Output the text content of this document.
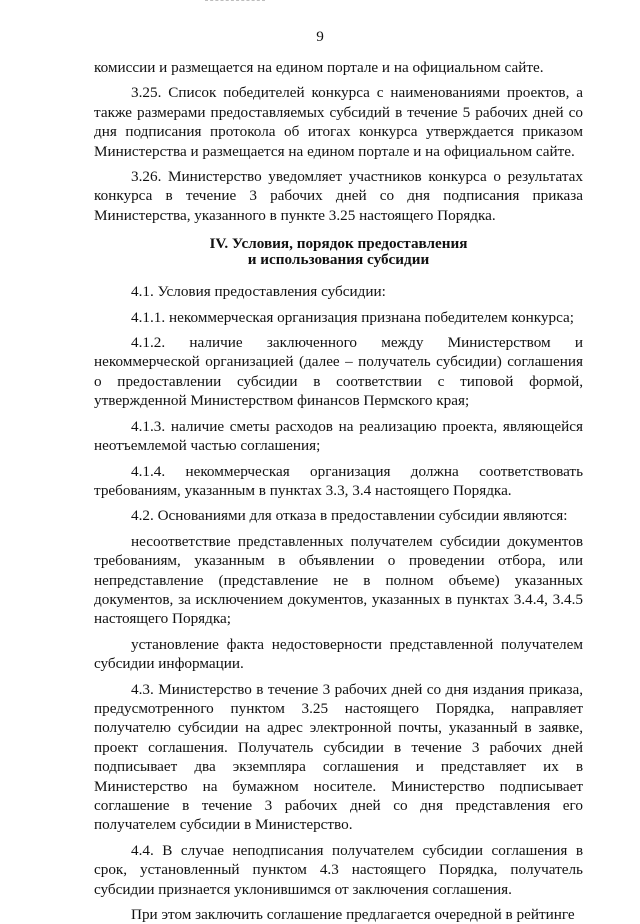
9

комиссии и размещается на едином портале и на официальном сайте.

3.25. Список победителей конкурса с наименованиями проектов, а также размерами предоставляемых субсидий в течение 5 рабочих дней со дня подписания протокола об итогах конкурса утверждается приказом Министерства и размещается на едином портале и на официальном сайте.

3.26. Министерство уведомляет участников конкурса о результатах конкурса в течение 3 рабочих дней со дня подписания приказа Министерства, указанного в пункте 3.25 настоящего Порядка.

IV. Условия, порядок предоставления
и использования субсидии

4.1. Условия предоставления субсидии:

4.1.1. некоммерческая организация признана победителем конкурса;

4.1.2. наличие заключенного между Министерством и некоммерческой организацией (далее – получатель субсидии) соглашения о предоставлении субсидии в соответствии с типовой формой, утвержденной Министерством финансов Пермского края;

4.1.3. наличие сметы расходов на реализацию проекта, являющейся неотъемлемой частью соглашения;

4.1.4. некоммерческая организация должна соответствовать требованиям, указанным в пунктах 3.3, 3.4 настоящего Порядка.

4.2. Основаниями для отказа в предоставлении субсидии являются:

несоответствие представленных получателем субсидии документов требованиям, указанным в объявлении о проведении отбора, или непредставление (представление не в полном объеме) указанных документов, за исключением документов, указанных в пунктах 3.4.4, 3.4.5 настоящего Порядка;

установление факта недостоверности представленной получателем субсидии информации.

4.3. Министерство в течение 3 рабочих дней со дня издания приказа, предусмотренного пунктом 3.25 настоящего Порядка, направляет получателю субсидии на адрес электронной почты, указанный в заявке, проект соглашения. Получатель субсидии в течение 3 рабочих дней подписывает два экземпляра соглашения и представляет их в Министерство на бумажном носителе. Министерство подписывает соглашение в течение 3 рабочих дней со дня представления его получателем субсидии в Министерство.

4.4. В случае неподписания получателем субсидии соглашения в срок, установленный пунктом 4.3 настоящего Порядка, получатель субсидии признается уклонившимся от заключения соглашения.

При этом заключить соглашение предлагается очередной в рейтинге
